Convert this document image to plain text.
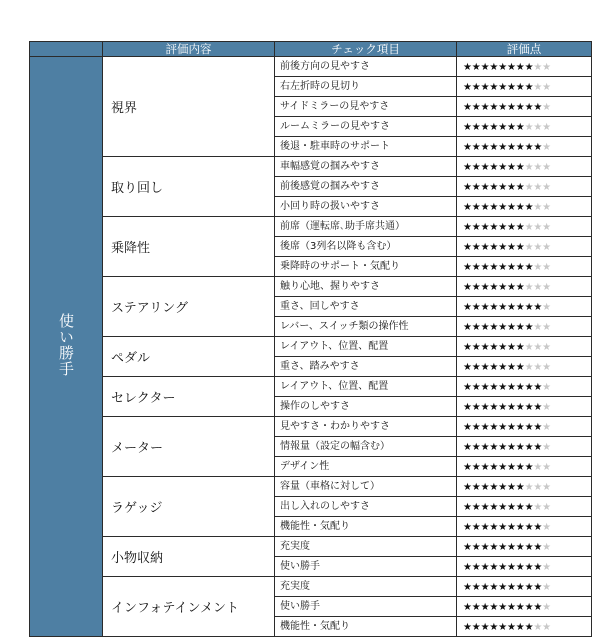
	評価内容	チェック項目	評価点
使い勝手	視界	前後方向の見やすさ	★★★★★★★★★★
		右左折時の見切り	★★★★★★★★★★
		サイドミラーの見やすさ	★★★★★★★★★★
		ルームミラーの見やすさ	★★★★★★★★★★
		後退・駐車時のサポート	★★★★★★★★★★
	取り回し	車幅感覚の掴みやすさ	★★★★★★★★★★
		前後感覚の掴みやすさ	★★★★★★★★★★
		小回り時の扱いやすさ	★★★★★★★★★★
	乗降性	前席（運転席､助手席共通）	★★★★★★★★★★
		後席（3列名以降も含む）	★★★★★★★★★★
		乗降時のサポート・気配り	★★★★★★★★★★
	ステアリング	触り心地、握りやすさ	★★★★★★★★★★
		重さ、回しやすさ	★★★★★★★★★★
		レバー、スイッチ類の操作性	★★★★★★★★★★
	ペダル	レイアウト、位置、配置	★★★★★★★★★★
		重さ、踏みやすさ	★★★★★★★★★★
	セレクター	レイアウト、位置、配置	★★★★★★★★★★
		操作のしやすさ	★★★★★★★★★★
	メーター	見やすさ・わかりやすさ	★★★★★★★★★★
		情報量（設定の幅含む）	★★★★★★★★★★
		デザイン性	★★★★★★★★★★
	ラゲッジ	容量（車格に対して）	★★★★★★★★★★
		出し入れのしやすさ	★★★★★★★★★★
		機能性・気配り	★★★★★★★★★★
	小物収納	充実度	★★★★★★★★★★
		使い勝手	★★★★★★★★★★
	インフォテインメント	充実度	★★★★★★★★★★
		使い勝手	★★★★★★★★★★
		機能性・気配り	★★★★★★★★★★
